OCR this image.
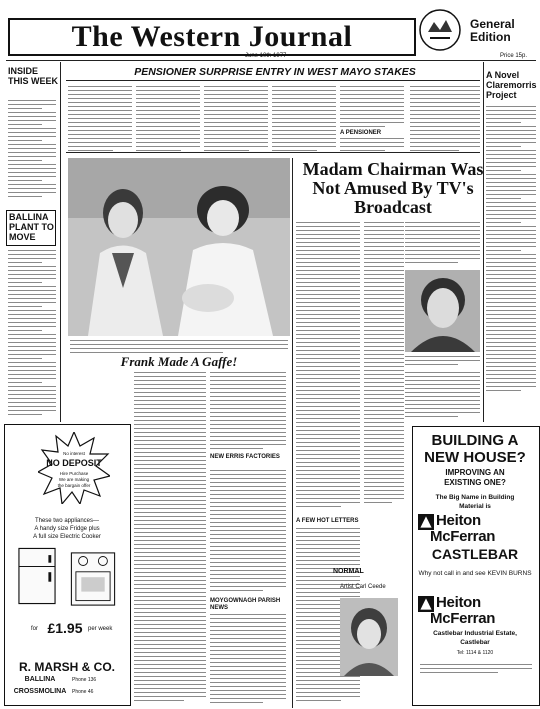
The Western Journal	General Edition
June 10th 1977	Price 15p.
INSIDE THIS WEEK
BALLINA PLANT TO MOVE
PENSIONER SURPRISE ENTRY IN WEST MAYO STAKES
A PENSIONER
A Novel Claremorris Project
Frank Made A Gaffe!
NEW ERRIS FACTORIES
MOYGOWNAGH PARISH NEWS
Madam Chairman Was Not Amused By TV's Broadcast
A FEW HOT LETTERS
NORMAL
Artist Carl Ceede
No interest
NO DEPOSIT
Hire Purchase
We are making
the bargain offer
These two appliances—
A handy size Fridge plus
A full size Electric Cooker
for £1.95 per week
R. MARSH & CO.
BALLINA	Phone 136
CROSSMOLINA	Phone 46
BUILDING A
NEW HOUSE?
IMPROVING AN
EXISTING ONE?
The Big Name in Building
Material is
Heiton
McFerran
CASTLEBAR
Why not call in and see KEVIN BURNS
Heiton
McFerran
Castlebar Industrial Estate,
Castlebar
Tel: 1114 & 1120
